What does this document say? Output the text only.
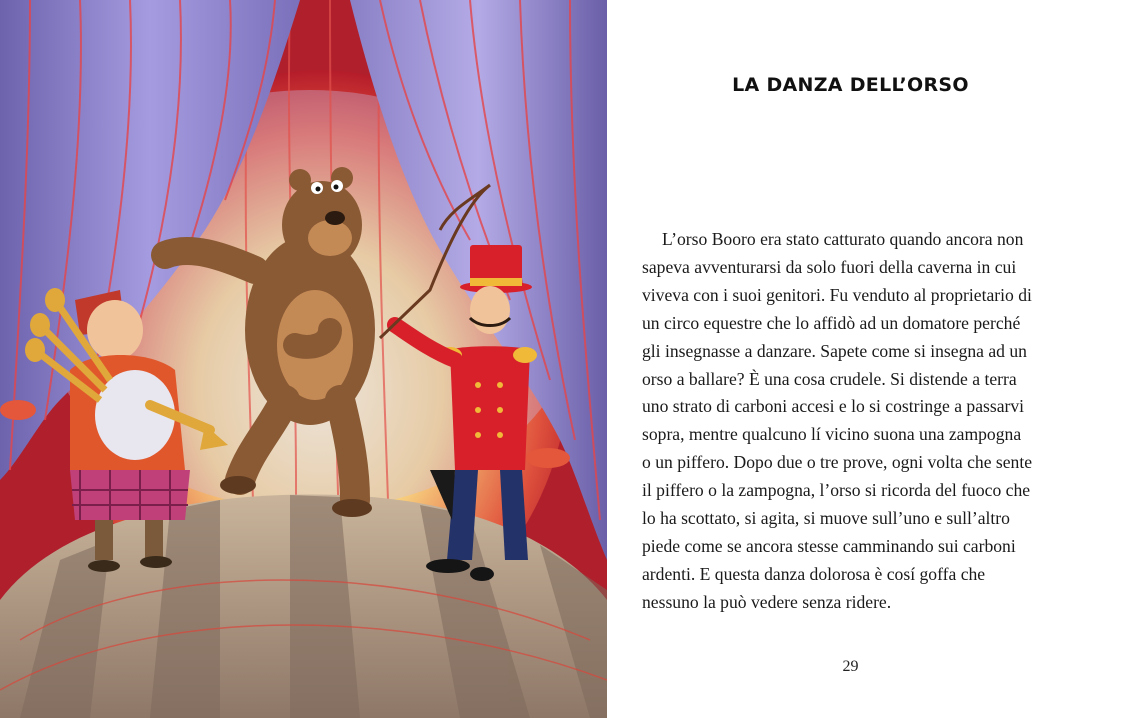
LA DANZA DELL’ORSO
L’orso Booro era stato catturato quando ancora non
sapeva avventurarsi da solo fuori della caverna in cui
viveva con i suoi genitori. Fu venduto al proprietario di
un circo equestre che lo affidò ad un domatore perché
gli insegnasse a danzare. Sapete come si insegna ad un
orso a ballare? È una cosa crudele. Si distende a terra
uno strato di carboni accesi e lo si costringe a passarvi
sopra, mentre qualcuno lí vicino suona una zampogna
o un piffero. Dopo due o tre prove, ogni volta che sente
il piffero o la zampogna, l’orso si ricorda del fuoco che
lo ha scottato, si agita, si muove sull’uno e sull’altro
piede come se ancora stesse camminando sui carboni
ardenti. E questa danza dolorosa è cosí goffa che
nessuno la può vedere senza ridere.
29
